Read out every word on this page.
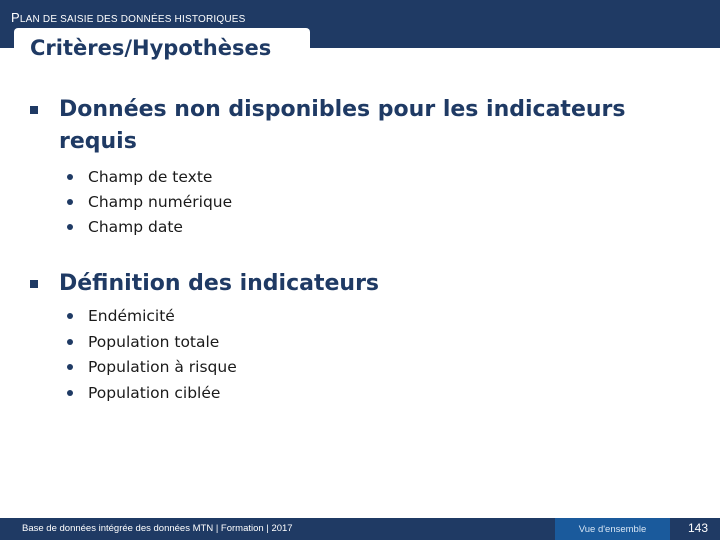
PLAN DE SAISIE DES DONNÉES HISTORIQUES
Critères/Hypothèses
Données non disponibles pour les indicateurs requis
Champ de texte
Champ numérique
Champ date
Définition des indicateurs
Endémicité
Population totale
Population à risque
Population ciblée
Base de données intégrée des données MTN | Formation | 2017	Vue d'ensemble	143
